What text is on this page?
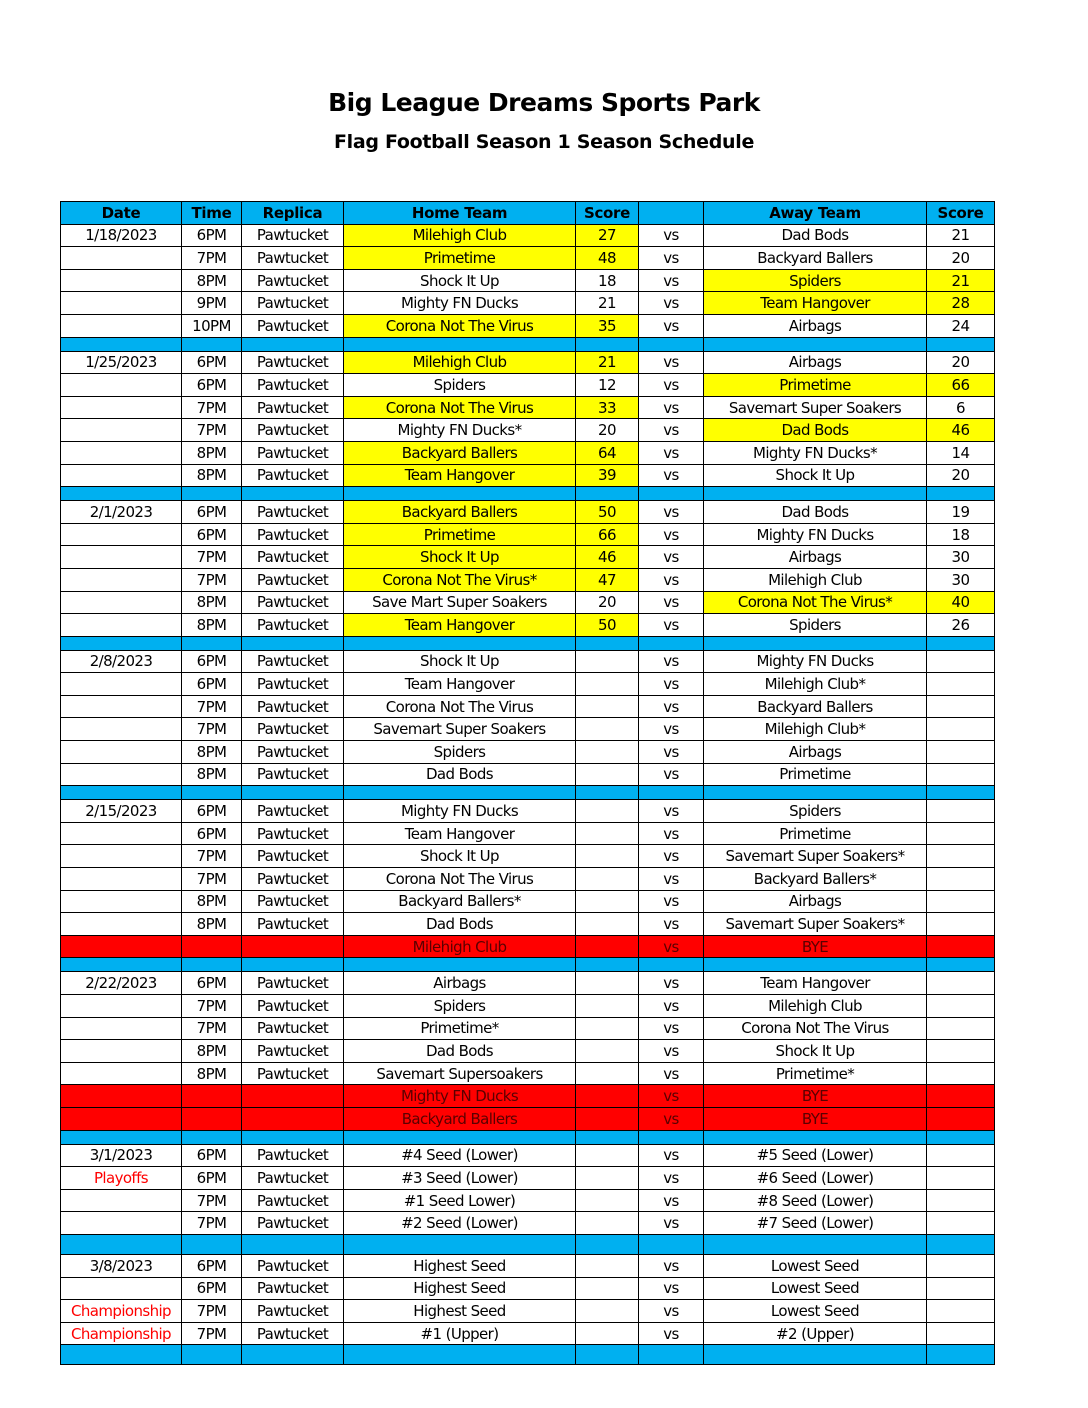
Big League Dreams Sports Park
Flag Football Season 1 Season Schedule
Date	Time	Replica	Home Team	Score		Away Team	Score
1/18/2023	6PM	Pawtucket	Milehigh Club	27	vs	Dad Bods	21
	7PM	Pawtucket	Primetime	48	vs	Backyard Ballers	20
	8PM	Pawtucket	Shock It Up	18	vs	Spiders	21
	9PM	Pawtucket	Mighty FN Ducks	21	vs	Team Hangover	28
	10PM	Pawtucket	Corona Not The Virus	35	vs	Airbags	24

1/25/2023	6PM	Pawtucket	Milehigh Club	21	vs	Airbags	20
	6PM	Pawtucket	Spiders	12	vs	Primetime	66
	7PM	Pawtucket	Corona Not The Virus	33	vs	Savemart Super Soakers	6
	7PM	Pawtucket	Mighty FN Ducks*	20	vs	Dad Bods	46
	8PM	Pawtucket	Backyard Ballers	64	vs	Mighty FN Ducks*	14
	8PM	Pawtucket	Team Hangover	39	vs	Shock It Up	20

2/1/2023	6PM	Pawtucket	Backyard Ballers	50	vs	Dad Bods	19
	6PM	Pawtucket	Primetime	66	vs	Mighty FN Ducks	18
	7PM	Pawtucket	Shock It Up	46	vs	Airbags	30
	7PM	Pawtucket	Corona Not The Virus*	47	vs	Milehigh Club	30
	8PM	Pawtucket	Save Mart Super Soakers	20	vs	Corona Not The Virus*	40
	8PM	Pawtucket	Team Hangover	50	vs	Spiders	26

2/8/2023	6PM	Pawtucket	Shock It Up		vs	Mighty FN Ducks	
	6PM	Pawtucket	Team Hangover		vs	Milehigh Club*	
	7PM	Pawtucket	Corona Not The Virus		vs	Backyard Ballers	
	7PM	Pawtucket	Savemart Super Soakers		vs	Milehigh Club*	
	8PM	Pawtucket	Spiders		vs	Airbags	
	8PM	Pawtucket	Dad Bods		vs	Primetime	

2/15/2023	6PM	Pawtucket	Mighty FN Ducks		vs	Spiders	
	6PM	Pawtucket	Team Hangover		vs	Primetime	
	7PM	Pawtucket	Shock It Up		vs	Savemart Super Soakers*	
	7PM	Pawtucket	Corona Not The Virus		vs	Backyard Ballers*	
	8PM	Pawtucket	Backyard Ballers*		vs	Airbags	
	8PM	Pawtucket	Dad Bods		vs	Savemart Super Soakers*	
			Milehigh Club		vs	BYE	

2/22/2023	6PM	Pawtucket	Airbags		vs	Team Hangover	
	7PM	Pawtucket	Spiders		vs	Milehigh Club	
	7PM	Pawtucket	Primetime*		vs	Corona Not The Virus	
	8PM	Pawtucket	Dad Bods		vs	Shock It Up	
	8PM	Pawtucket	Savemart Supersoakers		vs	Primetime*	
			Mighty FN Ducks		vs	BYE	
			Backyard Ballers		vs	BYE	

3/1/2023	6PM	Pawtucket	#4 Seed (Lower)		vs	#5 Seed (Lower)	
Playoffs	6PM	Pawtucket	#3 Seed (Lower)		vs	#6 Seed (Lower)	
	7PM	Pawtucket	#1 Seed Lower)		vs	#8 Seed (Lower)	
	7PM	Pawtucket	#2 Seed (Lower)		vs	#7 Seed (Lower)	

3/8/2023	6PM	Pawtucket	Highest Seed		vs	Lowest Seed	
	6PM	Pawtucket	Highest Seed		vs	Lowest Seed	
Championship	7PM	Pawtucket	Highest Seed		vs	Lowest Seed	
Championship	7PM	Pawtucket	#1 (Upper)		vs	#2 (Upper)	
